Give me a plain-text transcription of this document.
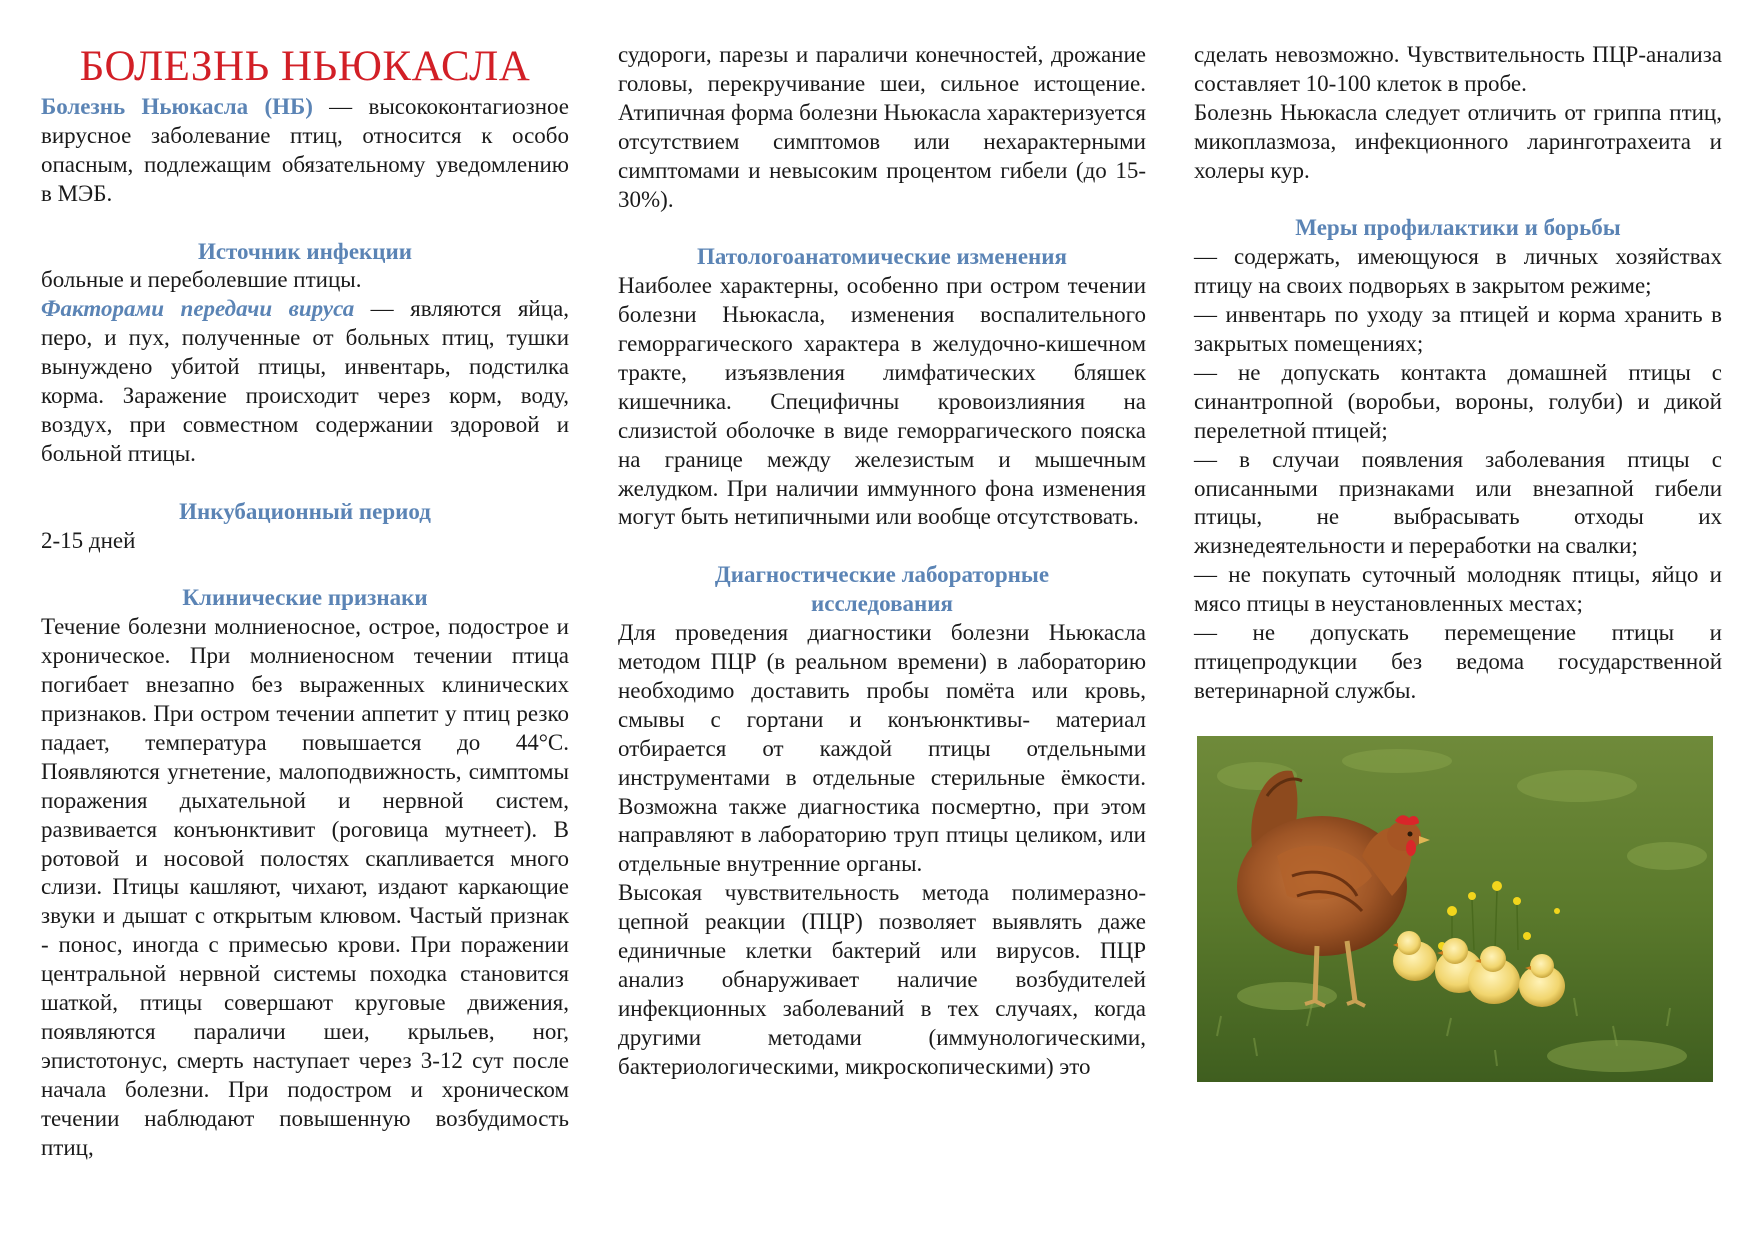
БОЛЕЗНЬ НЬЮКАСЛА

Болезнь Ньюкасла (НБ) — высококонтагиозное вирусное заболевание птиц, относится к особо опасным, подлежащим обязательному уведомлению в МЭБ.

Источник инфекции

больные и переболевшие птицы.

Факторами передачи вируса — являются яйца, перо, и пух, полученные от больных птиц, тушки вынуждено убитой птицы, инвентарь, подстилка корма. Заражение происходит через корм, воду, воздух, при совместном содержании здоровой и больной птицы.

Инкубационный период

2-15 дней

Клинические признаки

Течение болезни молниеносное, острое, подострое и хроническое. При молниеносном течении птица погибает внезапно без выраженных клинических признаков. При остром течении аппетит у птиц резко падает, температура повышается до 44°С. Появляются угнетение, малоподвижность, симптомы поражения дыхательной и нервной систем, развивается конъюнктивит (роговица мутнеет). В ротовой и носовой полостях скапливается много слизи. Птицы кашляют, чихают, издают каркающие звуки и дышат с открытым клювом. Частый признак - понос, иногда с примесью крови. При поражении центральной нервной системы походка становится шаткой, птицы совершают круговые движения, появляются параличи шеи, крыльев, ног, эпистотонус, смерть наступает через 3-12 сут после начала болезни. При подостром и хроническом течении наблюдают повышенную возбудимость птиц,

судороги, парезы и параличи конечностей, дрожание головы, перекручивание шеи, сильное истощение. Атипичная форма болезни Ньюкасла характеризуется отсутствием симптомов или нехарактерными симптомами и невысоким процентом гибели (до 15-30%).

Патологоанатомические изменения

Наиболее характерны, особенно при остром течении болезни Ньюкасла, изменения воспалительного геморрагического характера в желудочно-кишечном тракте, изъязвления лимфатических бляшек кишечника. Специфичны кровоизлияния на слизистой оболочке в виде геморрагического пояска на границе между железистым и мышечным желудком. При наличии иммунного фона изменения могут быть нетипичными или вообще отсутствовать.

Диагностические лабораторные

исследования

Для проведения диагностики болезни Ньюкасла методом ПЦР (в реальном времени) в лабораторию необходимо доставить пробы помёта или кровь, смывы с гортани и конъюнктивы- материал отбирается от каждой птицы отдельными инструментами в отдельные стерильные ёмкости. Возможна также диагностика посмертно, при этом направляют в лабораторию труп птицы целиком, или отдельные внутренние органы.

Высокая чувствительность метода полимеразно-цепной реакции (ПЦР) позволяет выявлять даже единичные клетки бактерий или вирусов. ПЦР анализ обнаруживает наличие возбудителей инфекционных заболеваний в тех случаях, когда другими методами (иммунологическими, бактериологическими, микроскопическими) это

сделать невозможно. Чувствительность ПЦР-анализа составляет 10-100 клеток в пробе.

Болезнь Ньюкасла следует отличить от гриппа птиц, микоплазмоза, инфекционного ларинготрахеита и холеры кур.

Меры профилактики и борьбы

— содержать, имеющуюся в личных хозяйствах птицу на своих подворьях в закрытом режиме;

— инвентарь по уходу за птицей и корма хранить в закрытых помещениях;

— не допускать контакта домашней птицы с синантропной (воробьи, вороны, голуби) и дикой перелетной птицей;

— в случаи появления заболевания птицы с описанными признаками или внезапной гибели птицы, не выбрасывать отходы их жизнедеятельности и переработки на свалки;

— не покупать суточный молодняк птицы, яйцо и мясо птицы в неустановленных местах;

— не допускать перемещение птицы и птицепродукции без ведома государственной ветеринарной службы.
